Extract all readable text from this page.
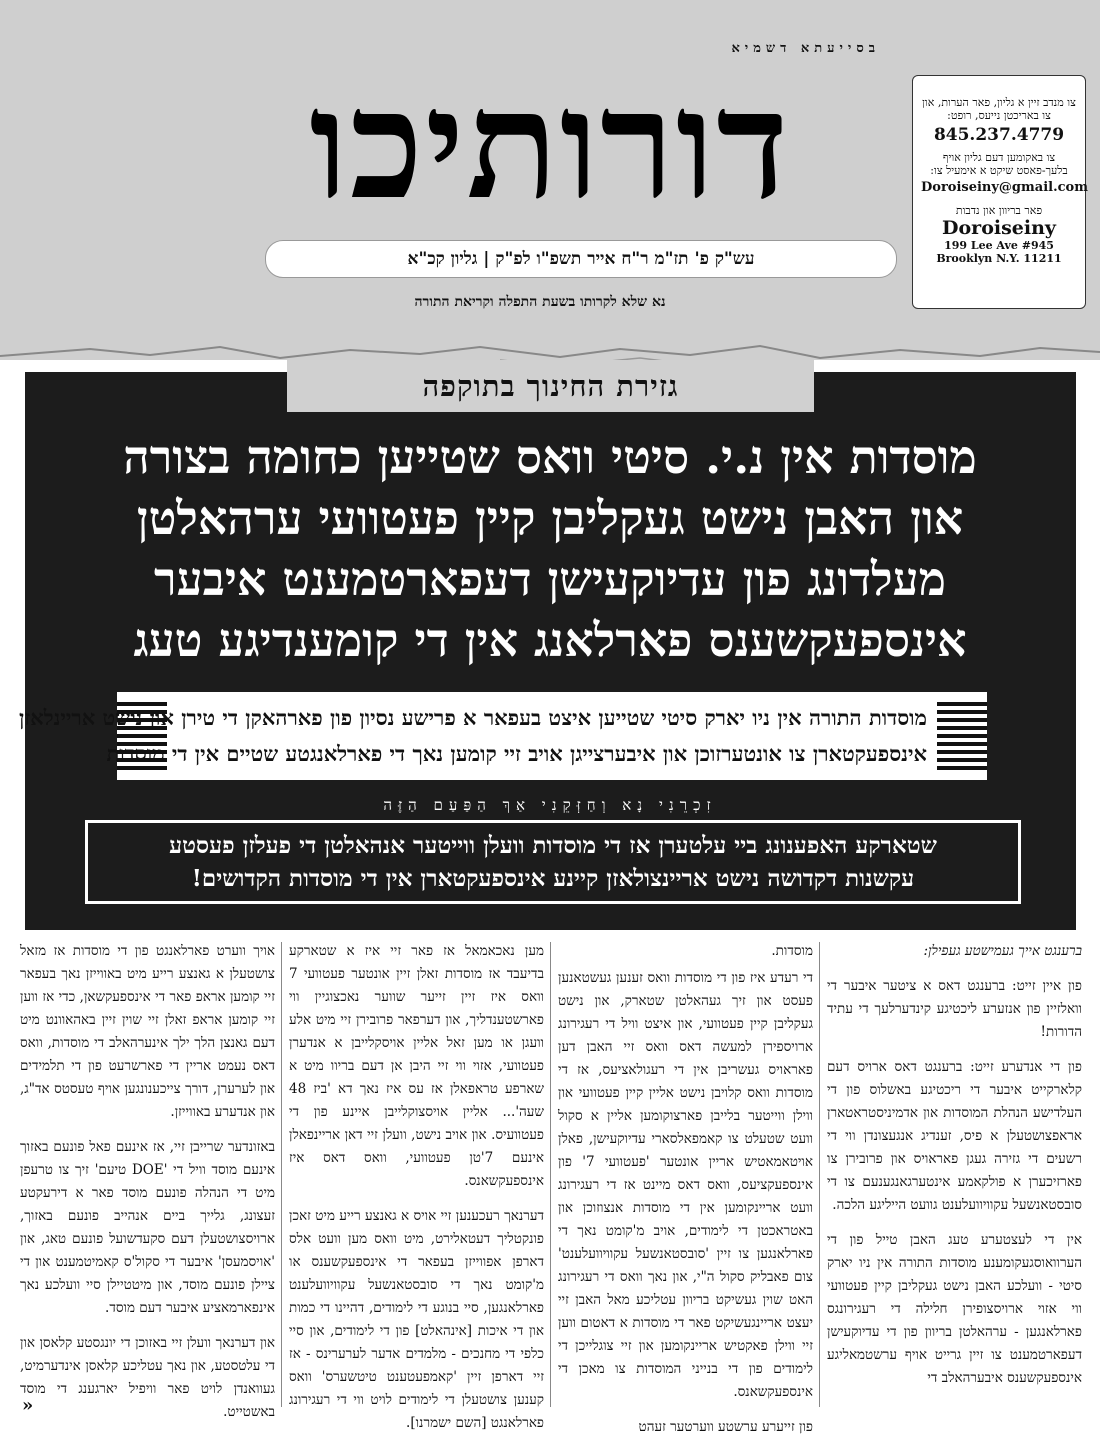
בסייעתא דשמיא
דורותיכו
עש"ק פ' תז"מ ר"ח אייר תשפ"ו לפ"ק | גליון קכ"א
נא שלא לקרותו בשעת התפלה וקריאת התורה
צו מנדב זיין א גליון, פאר הערות, און צו באריכטן נייעס, רופט:
845.237.4779
צו באקומען דעם גליון אויף בלעך-פאסט שיקט א אימעיל צו:
Doroiseiny@gmail.com
פאר בריוון און נדבות
Doroiseiny
199 Lee Ave #945
Brooklyn N.Y. 11211
גזירת החינוך בתוקפה
מוסדות אין נ.י. סיטי וואס שטייען כחומה בצורה
און האבן נישט געקליבן קיין פעטוועי ערהאלטן
מעלדונג פון עדיוקעישן דעפארטמענט איבער
אינספעקשענס פארלאנג אין די קומענדיגע טעג
מוסדות התורה אין ניו יארק סיטי שטייען איצט בעפאר א פרישע נסיון פון פארהאקן די טירן און נישט אריינלאזן
אינספעקטארן צו אונטערזוכן און איבערצייגן אויב זיי קומען נאך די פארלאנגטע שטיים אין די מוסדות
זִכְרֵנִי נָא וְחַזְּקֵנִי אַךְ הַפַּעַם הַזֶּה
שטארקע האפענונג ביי עלטערן אז די מוסדות וועלן ווייטער אנהאלטן די פעלזן פעסטע
עקשנות דקדושה נישט אריינצולאזן קיינע אינספעקטארן אין די מוסדות הקדושים!

ברענגט אייך געמישטע געפילן:

פון איין זייט: ברענגט דאס א ציטער איבער די וואלזיין פון אנזערע ליכטיגע קינדערלעך די עתיד הדורות!

פון די אנדערע זייט: ברענגט דאס ארויס דעם קלארקייט איבער די ריכטיגע באשלוס פון די העלדישע הנהלת המוסדות און אדמיניסטראטארן אראפצושטעלן א פיס, זענדיג אנגעצונדן ווי די רשעים די גזירה געגן פאראויס און פרובירן צו פארזיכערן א פולקאמע אינטערגאנגענעם צו די סובסטאנשעל עקוויוועלענט גוועט הייליגע הלכה.

אין די לעצטערע טעג האבן טייל פון די הערוואוסגעקומענע מוסדות התורה אין ניו יארק סיטי - וועלכע האבן נישט געקליבן קיין פעטוועי ווי אזוי ארויסצופירן חלילה די רעגירונגס פארלאנגען - ערהאלטן בריוון פון די עדיוקעישן דעפארטמענט צו זיין גרייט אויף ערשטמאליגע אינספעקשענס איבערהאלב די

מוסדות.

די רעדע איז פון די מוסדות וואס זענען געשטאנען פעסט און זיך געהאלטן שטארק, און נישט געקליבן קיין פעטוועי, און איצט וויל די רעגירונג ארויספירן למעשה דאס וואס זיי האבן דען פאראויס געשריבן אין די רעגולאציעס, אז די מוסדות וואס קלויבן נישט אליין קיין פעטוועי און ווילן ווייטער בלייבן פארצוקומען אליין א סקול וועט שטעלט צו קאמפאלסארי עדיוקעישן, פאלן אויטאמאטיש אריין אונטער 'פעטוועי 7' פון אינספעקציעס, וואס דאס מיינט אז די רעגירונג וועט אריינקומען אין די מוסדות אנצוזוכן און באטראכטן די לימודים, אויב מ'קומט נאך די פארלאנגען צו זיין 'סובסטאנשעל עקוויוועלענט' צום פאבליק סקול ה"י, און נאך וואס די רעגירונג האט שוין געשיקט בריוון עטליכע מאל האבן זיי יעצט אריינגעשיקט פאר די מוסדות א דאטום ווען זיי ווילן פאקטיש אריינקומען און זיי צוגלייכן די לימודים פון די בנייני המוסדות צו מאכן די אינספעקשאנס.

פון זייערע ערשטע ווערטער זעהט

מען נאכאמאל אז פאר זיי איז א שטארקע בדיעבד אז מוסדות זאלן זיין אונטער פעטוועי 7 וואס איז זיין זייער שווער נאכצוגיין ווי פארשטענדליך, און דערפאר פרובירן זיי מיט אלע וועגן או מען זאל אליין אויסקלייבן א אנדערן פעטוועי, אזוי ווי זיי היבן אן דעם בריוו מיט א שארפע טראפאלן אז עס איז נאך דא 'ביז 48 שעה'... אליין אויסצוקלייבן איינע פון די פעטוועיס. און אויב נישט, וועלן זיי דאן אריינפאלן אינעם 7'טן פעטוועי, וואס דאס איז אינספעקשאנס.

דערנאך רעכענען זיי אויס א גאנצע רייע מיט זאכן פונקטליך דעטאלירט, מיט וואס מען וועט אלס דארפן אפווייזן בעפאר די אינספעקשענס או מ'קומט נאך די סובסטאנשעל עקוויוועלענט פארלאנגען, סיי בנוגע די לימודים, דהיינו די כמות און די איכות [אינהאלט] פון די לימודים, און סיי כלפי די מחנכים - מלמדים אדער לערערינס - אז זיי דארפן זיין 'קאמפעטענט טיטשערס' וואס קענען צושטעלן די לימודים לויט ווי די רעגירונג פארלאנגט [השם ישמרנו].

אויך ווערט פארלאנגט פון די מוסדות אז מזאל צושטעלן א גאנצע רייע מיט באווייזן נאך בעפאר זיי קומען אראפ פאר די אינספעקשאן, כדי אז ווען זיי קומען אראפ זאלן זיי שוין זיין באהאוונט מיט דעם גאנצן הלך ילך אינערהאלב די מוסדות, וואס דאס נעמט אריין די פארשרעט פון די תלמידים און לערערן, דורך צייכענונגען אויף טעסטס אד"ג, און אנדערע באווייזן.

באזונדער שרייבן זיי, אז אינעם פאל פונעם באזוך אינעם מוסד וויל די 'DOE טיעם' זיך צו טרעפן מיט די הנהלה פונעם מוסד פאר א דירעקטע זעצונג, גלייך ביים אנהייב פונעם באזוך, ארויסצושטעלן דעם סקעדשועל פונעם טאג, און 'אויסמעסן' איבער די סקול'ס קאמיטמענט און די ציילן פונעם מוסד, און מיטטיילן סיי וועלכע נאך אינפארמאציע איבער דעם מוסד.

און דערנאך וועלן זיי באזוכן די יונגסטע קלאסן און די עלטסטע, און נאך עטליכע קלאסן אינדערמיט, געוואנדן לויט פאר וויפיל יארגענג די מוסד באשטייט.

»
